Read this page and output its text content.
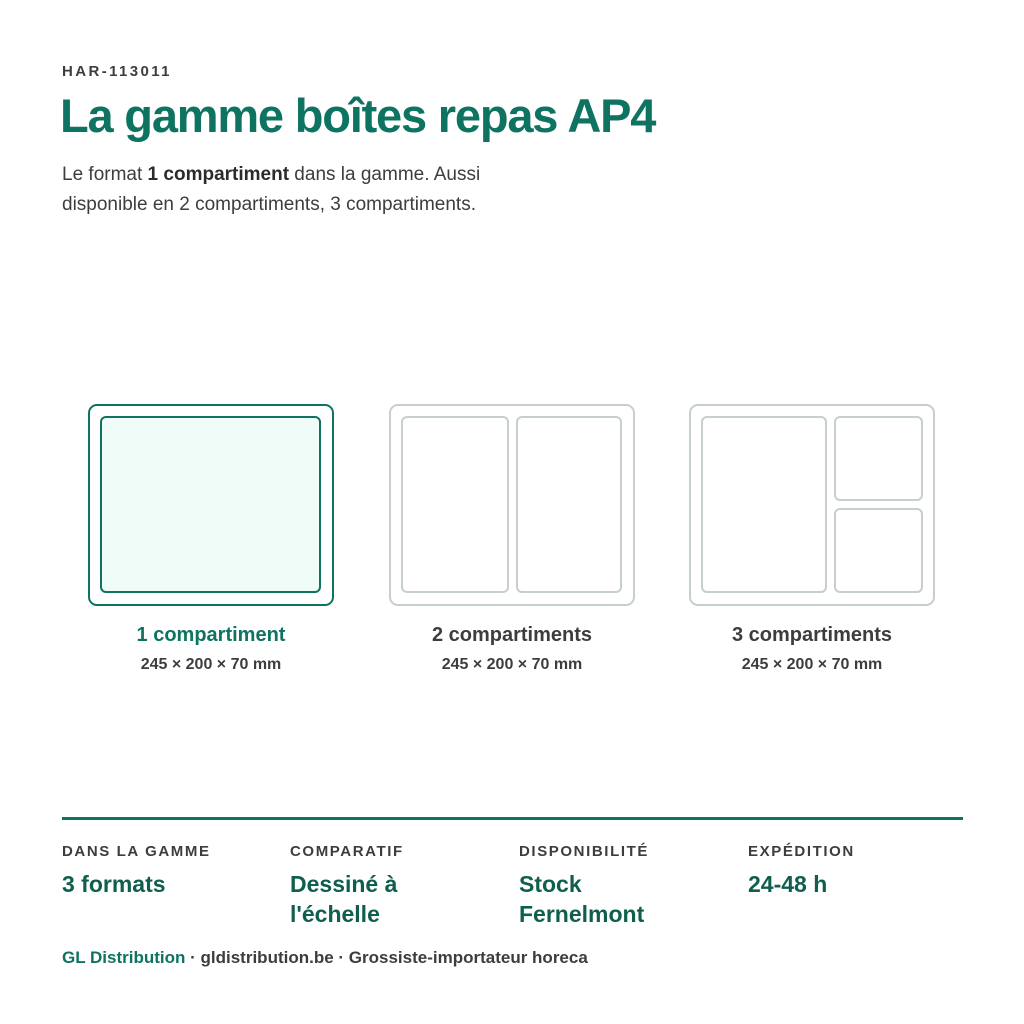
HAR-113011
La gamme boîtes repas AP4

Le format 1 compartiment dans la gamme. Aussi disponible en 2 compartiments, 3 compartiments.

1 compartiment
245 × 200 × 70 mm
2 compartiments
245 × 200 × 70 mm
3 compartiments
245 × 200 × 70 mm
DANS LA GAMME
3 formats
COMPARATIF
Dessiné à l'échelle
DISPONIBILITÉ
Stock Fernelmont
EXPÉDITION
24-48 h
GL Distribution · gldistribution.be · Grossiste-importateur horeca
